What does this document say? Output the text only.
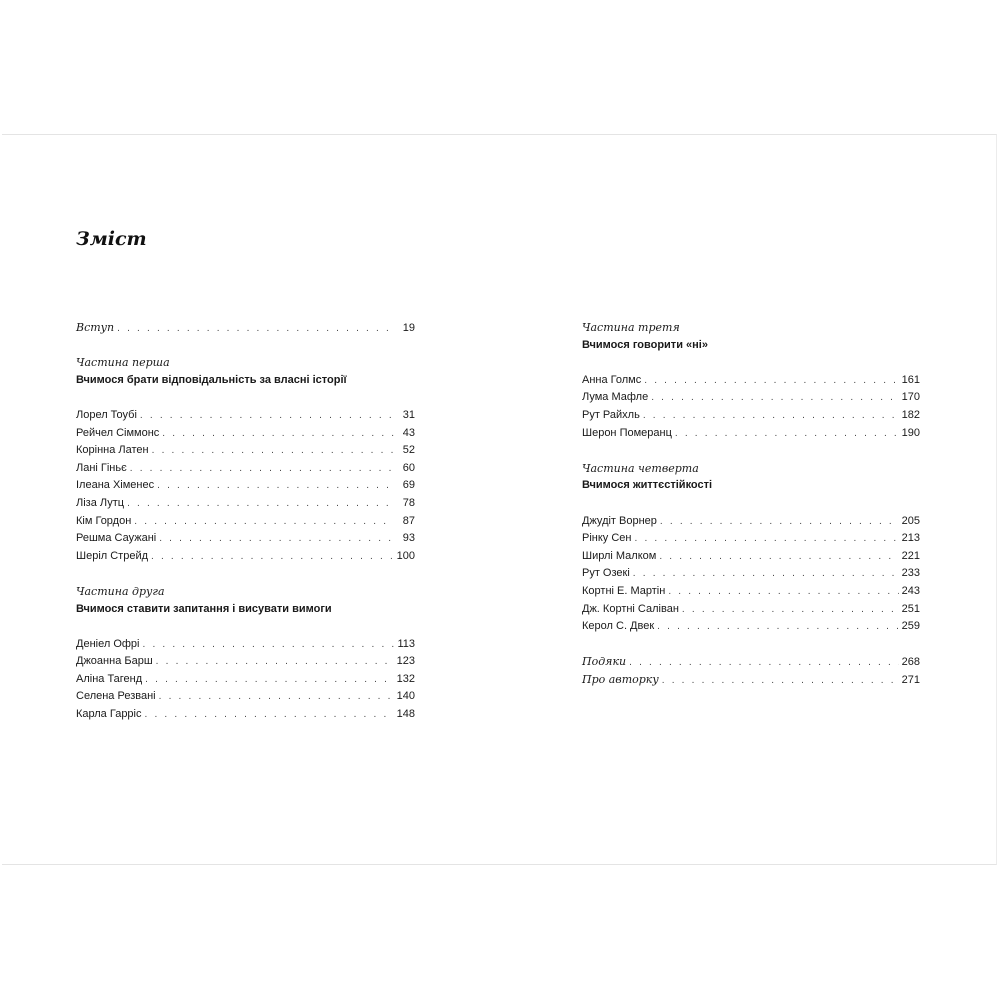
Зміст
Вступ . . .	19
Частина перша
Вчимося брати відповідальність за власні історії
Лорел Тоубі . . .	31
Рейчел Сіммонс . . .	43
Корінна Латен . . .	52
Лані Гіньє . . .	60
Ілеана Хіменес . . .	69
Ліза Лутц . . .	78
Кім Гордон . . .	87
Решма Саужані . . .	93
Шеріл Стрейд . . .	100
Частина друга
Вчимося ставити запитання і висувати вимоги
Деніел Офрі . . .	113
Джоанна Барш . . .	123
Аліна Тагенд . . .	132
Селена Резвані . . .	140
Карла Гарріс . . .	148
Частина третя
Вчимося говорити «ні»
Анна Голмс . . .	161
Лума Мафле . . .	170
Рут Райхль . . .	182
Шерон Померанц . . .	190
Частина четверта
Вчимося життєстійкості
Джудіт Ворнер . . .	205
Рінку Сен . . .	213
Ширлі Малком . . .	221
Рут Озекі . . .	233
Кортні Е. Мартін . . .	243
Дж. Кортні Саліван . . .	251
Керол С. Двек . . .	259
Подяки . . .	268
Про авторку . . .	271
